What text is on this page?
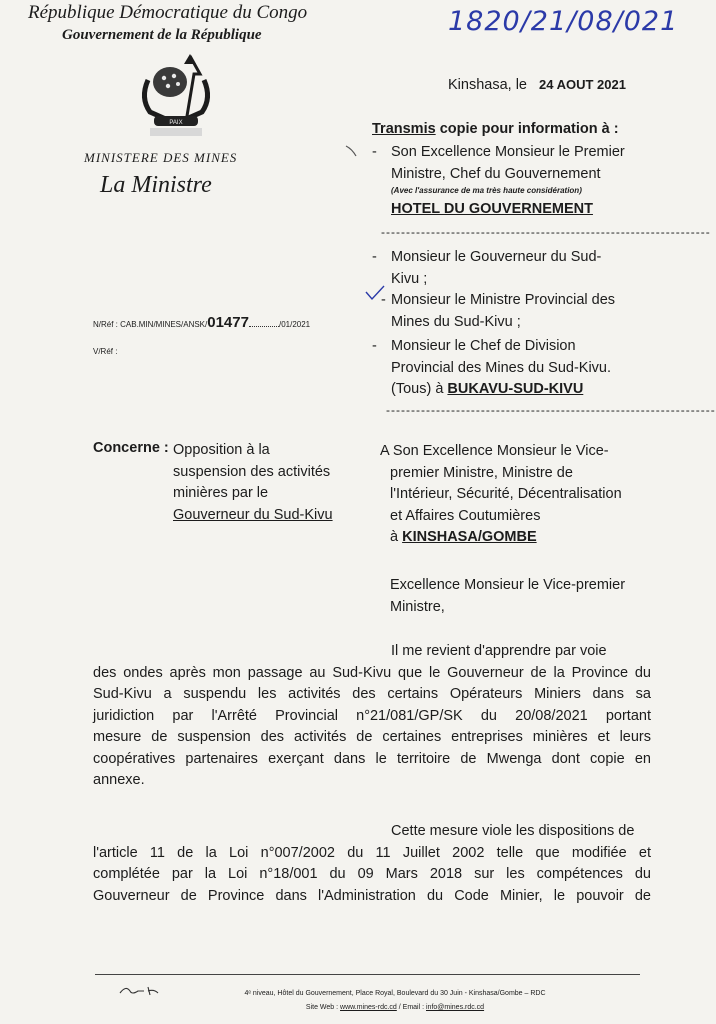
République Démocratique du Congo
Gouvernement de la République
PAIX
MINISTERE DES MINES
La Ministre
1820/21/08/021
Kinshasa, le 24 AOUT 2021
Transmis copie pour information à :
- Son Excellence Monsieur le Premier
Ministre, Chef du Gouvernement
(Avec l'assurance de ma très haute considération)
HOTEL DU GOUVERNEMENT
------------------------------------------------------------------
- Monsieur le Gouverneur du Sud-
Kivu ;
- Monsieur le Ministre Provincial des
Mines du Sud-Kivu ;
- Monsieur le Chef de Division
Provincial des Mines du Sud-Kivu.
(Tous) à BUKAVU-SUD-KIVU
------------------------------------------------------------------
N/Réf : CAB.MIN/MINES/ANSK/01477	/01/2021
V/Réf :
Concerne : Opposition à la
suspension des activités
minières par le
Gouverneur du Sud-Kivu
A Son Excellence Monsieur le Vice-
premier Ministre, Ministre de
l'Intérieur, Sécurité, Décentralisation
et Affaires Coutumières
à KINSHASA/GOMBE
Excellence Monsieur le Vice-premier
Ministre,
Il me revient d'apprendre par voie
des ondes après mon passage au Sud-Kivu que le Gouverneur de la Province du
Sud-Kivu a suspendu les activités des certains Opérateurs Miniers dans sa
juridiction par l'Arrêté Provincial n°21/081/GP/SK du 20/08/2021 portant
mesure de suspension des activités de certaines entreprises minières et leurs
coopératives partenaires exerçant dans le territoire de Mwenga dont copie en
annexe.
Cette mesure viole les dispositions de
l'article 11 de la Loi n°007/2002 du 11 Juillet 2002 telle que modifiée et
complétée par la Loi n°18/001 du 09 Mars 2018 sur les compétences du
Gouverneur de Province dans l'Administration du Code Minier, le pouvoir de
4ᵉ niveau, Hôtel du Gouvernement, Place Royal, Boulevard du 30 Juin - Kinshasa/Gombe – RDC
Site Web : www.mines-rdc.cd / Email : info@mines.rdc.cd
